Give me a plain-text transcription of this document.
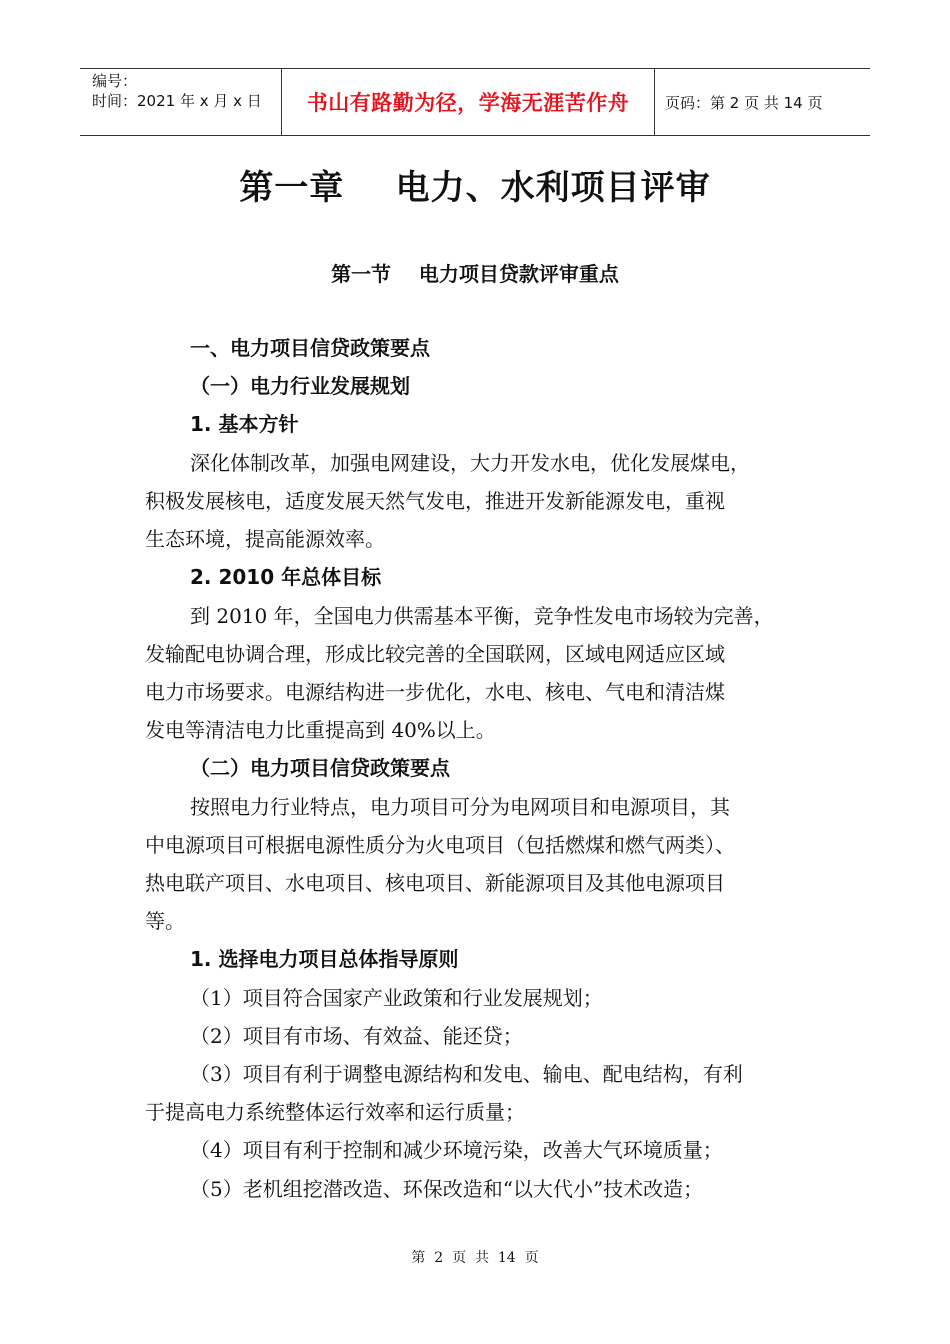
编号：
时间：2021 年 x 月 x 日	书山有路勤为径，学海无涯苦作舟	页码：第 2 页 共 14 页
第一章    电力、水利项目评审
第一节    电力项目贷款评审重点
一、电力项目信贷政策要点
（一）电力行业发展规划
1. 基本方针
深化体制改革，加强电网建设，大力开发水电，优化发展煤电，
积极发展核电，适度发展天然气发电，推进开发新能源发电，重视
生态环境，提高能源效率。
2. 2010 年总体目标
到 2010 年，全国电力供需基本平衡，竞争性发电市场较为完善，
发输配电协调合理，形成比较完善的全国联网，区域电网适应区域
电力市场要求。电源结构进一步优化，水电、核电、气电和清洁煤
发电等清洁电力比重提高到 40%以上。
（二）电力项目信贷政策要点
按照电力行业特点，电力项目可分为电网项目和电源项目，其
中电源项目可根据电源性质分为火电项目（包括燃煤和燃气两类）、
热电联产项目、水电项目、核电项目、新能源项目及其他电源项目
等。
1. 选择电力项目总体指导原则
（1）项目符合国家产业政策和行业发展规划；
（2）项目有市场、有效益、能还贷；
（3）项目有利于调整电源结构和发电、输电、配电结构，有利
于提高电力系统整体运行效率和运行质量；
（4）项目有利于控制和减少环境污染，改善大气环境质量；
（5）老机组挖潜改造、环保改造和“以大代小”技术改造；
第  2  页  共  14  页
